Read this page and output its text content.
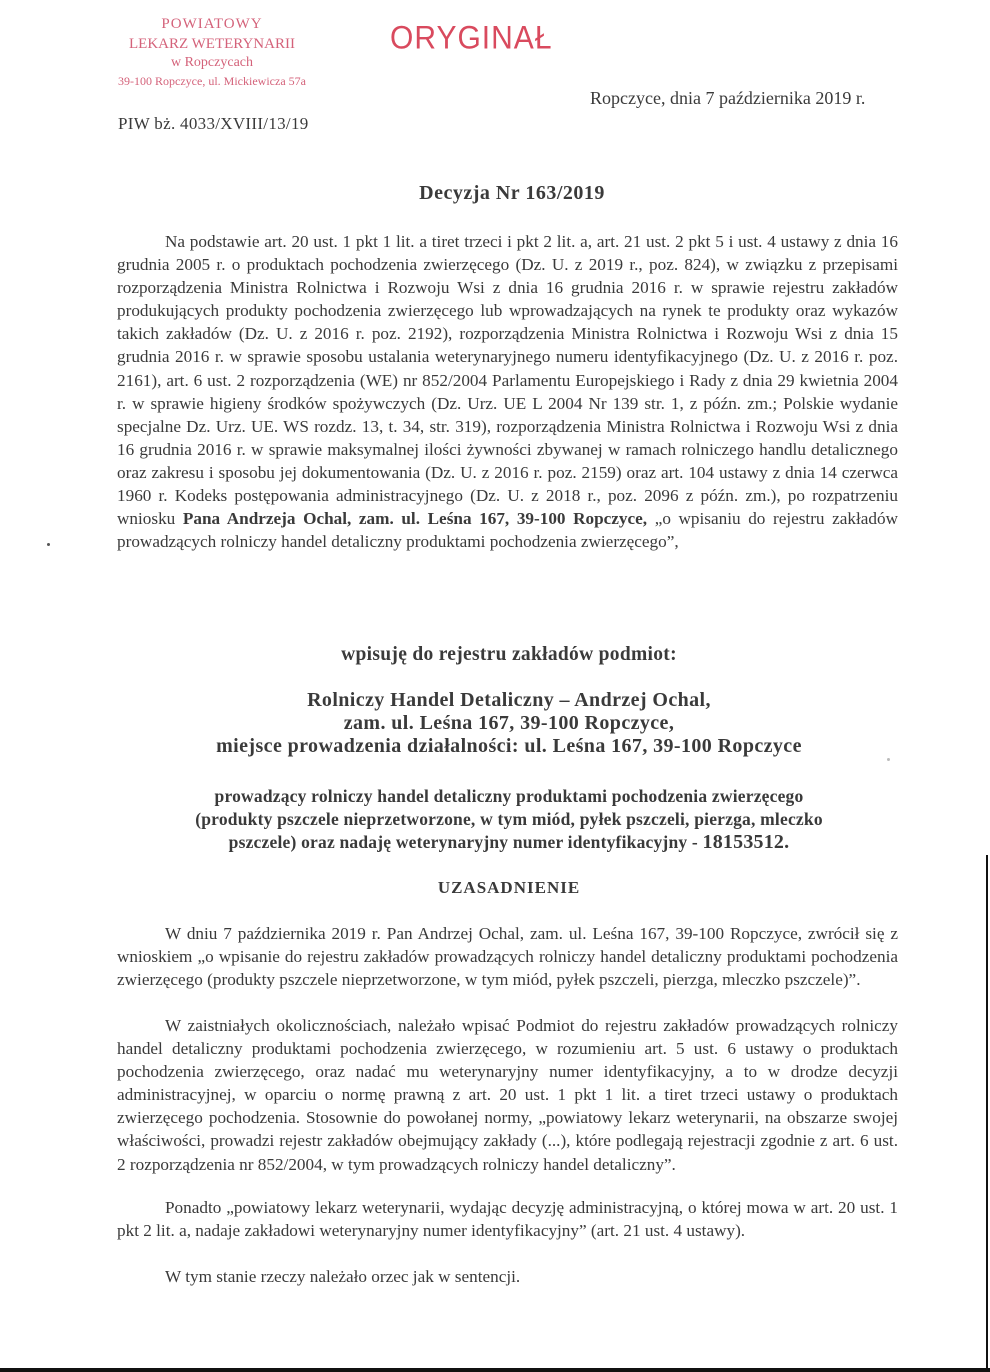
POWIATOWY
LEKARZ WETERYNARII
w Ropczycach
39-100 Ropczyce, ul. Mickiewicza 57a
ORYGINAŁ
Ropczyce, dnia 7 października 2019 r.
PIW bż. 4033/XVIII/13/19
Decyzja Nr 163/2019
Na podstawie art. 20 ust. 1 pkt 1 lit. a tiret trzeci i pkt 2 lit. a, art. 21 ust. 2 pkt 5 i ust. 4 ustawy z dnia 16 grudnia 2005 r. o produktach pochodzenia zwierzęcego (Dz. U. z 2019 r., poz. 824), w związku z przepisami rozporządzenia Ministra Rolnictwa i Rozwoju Wsi z dnia 16 grudnia 2016 r. w sprawie rejestru zakładów produkujących produkty pochodzenia zwierzęcego lub wprowadzających na rynek te produkty oraz wykazów takich zakładów (Dz. U. z 2016 r. poz. 2192), rozporządzenia Ministra Rolnictwa i Rozwoju Wsi z dnia 15 grudnia 2016 r. w sprawie sposobu ustalania weterynaryjnego numeru identyfikacyjnego (Dz. U. z 2016 r. poz. 2161), art. 6 ust. 2 rozporządzenia (WE) nr 852/2004 Parlamentu Europejskiego i Rady z dnia 29 kwietnia 2004 r. w sprawie higieny środków spożywczych (Dz. Urz. UE L 2004 Nr 139 str. 1, z późn. zm.; Polskie wydanie specjalne Dz. Urz. UE. WS rozdz. 13, t. 34, str. 319), rozporządzenia Ministra Rolnictwa i Rozwoju Wsi z dnia 16 grudnia 2016 r. w sprawie maksymalnej ilości żywności zbywanej w ramach rolniczego handlu detalicznego oraz zakresu i sposobu jej dokumentowania (Dz. U. z 2016 r. poz. 2159) oraz art. 104 ustawy z dnia 14 czerwca 1960 r. Kodeks postępowania administracyjnego (Dz. U. z 2018 r., poz. 2096 z późn. zm.), po rozpatrzeniu wniosku Pana Andrzeja Ochal, zam. ul. Leśna 167, 39-100 Ropczyce, „o wpisaniu do rejestru zakładów prowadzących rolniczy handel detaliczny produktami pochodzenia zwierzęcego”,
wpisuję do rejestru zakładów podmiot:
Rolniczy Handel Detaliczny – Andrzej Ochal,
zam. ul. Leśna 167, 39-100 Ropczyce,
miejsce prowadzenia działalności: ul. Leśna 167, 39-100 Ropczyce
prowadzący rolniczy handel detaliczny produktami pochodzenia zwierzęcego
(produkty pszczele nieprzetworzone, w tym miód, pyłek pszczeli, pierzga, mleczko
pszczele) oraz nadaję weterynaryjny numer identyfikacyjny - 18153512.
UZASADNIENIE
W dniu 7 października 2019 r. Pan Andrzej Ochal, zam. ul. Leśna 167, 39-100 Ropczyce, zwrócił się z wnioskiem „o wpisanie do rejestru zakładów prowadzących rolniczy handel detaliczny produktami pochodzenia zwierzęcego (produkty pszczele nieprzetworzone, w tym miód, pyłek pszczeli, pierzga, mleczko pszczele)”.
W zaistniałych okolicznościach, należało wpisać Podmiot do rejestru zakładów prowadzących rolniczy handel detaliczny produktami pochodzenia zwierzęcego, w rozumieniu art. 5 ust. 6 ustawy o produktach pochodzenia zwierzęcego, oraz nadać mu weterynaryjny numer identyfikacyjny, a to w drodze decyzji administracyjnej, w oparciu o normę prawną z art. 20 ust. 1 pkt 1 lit. a tiret trzeci ustawy o produktach zwierzęcego pochodzenia. Stosownie do powołanej normy, „powiatowy lekarz weterynarii, na obszarze swojej właściwości, prowadzi rejestr zakładów obejmujący zakłady (...), które podlegają rejestracji zgodnie z art. 6 ust. 2 rozporządzenia nr 852/2004, w tym prowadzących rolniczy handel detaliczny”.
Ponadto „powiatowy lekarz weterynarii, wydając decyzję administracyjną, o której mowa w art. 20 ust. 1 pkt 2 lit. a, nadaje zakładowi weterynaryjny numer identyfikacyjny” (art. 21 ust. 4 ustawy).
W tym stanie rzeczy należało orzec jak w sentencji.
